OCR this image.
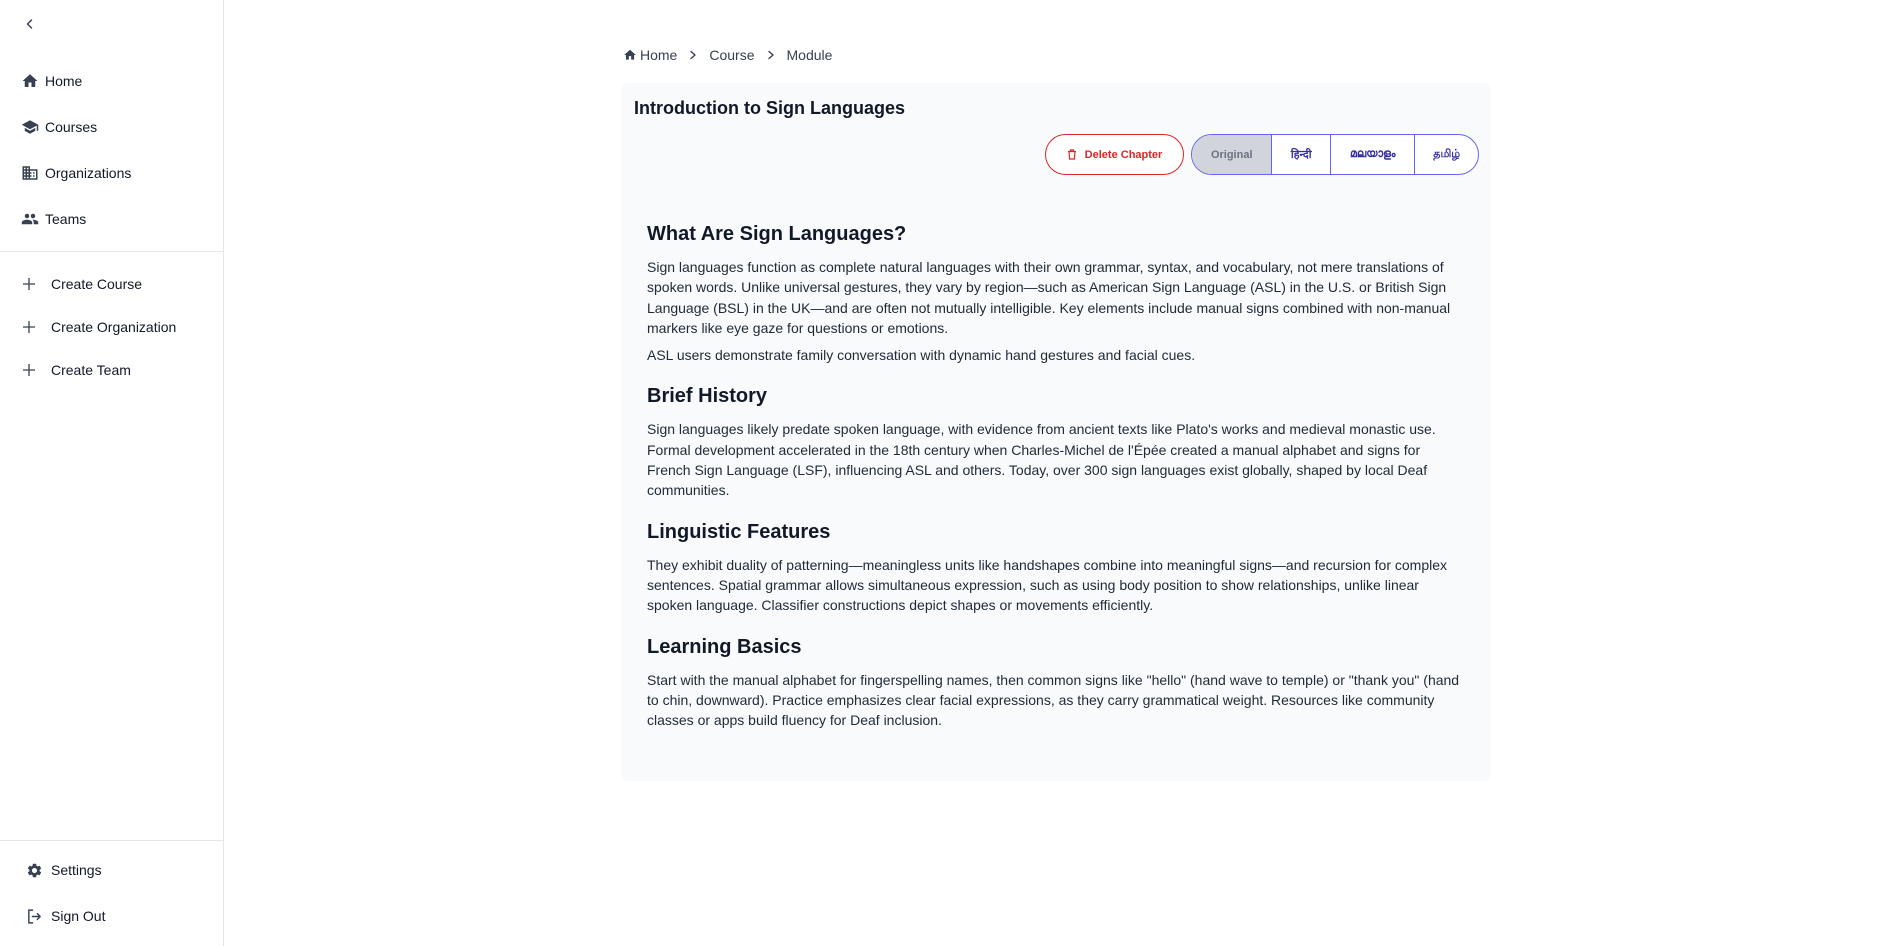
Home
Courses
Organizations
Teams
Create Course
Create Organization
Create Team
Settings
Sign Out
Home Course Module
Introduction to Sign Languages
Delete Chapter	Original	हिन्दी	മലയാളം	தமிழ்
What Are Sign Languages?

Sign languages function as complete natural languages with their own grammar, syntax, and vocabulary, not mere translations of spoken words. Unlike universal gestures, they vary by region—such as American Sign Language (ASL) in the U.S. or British Sign Language (BSL) in the UK—and are often not mutually intelligible. Key elements include manual signs combined with non-manual markers like eye gaze for questions or emotions.

ASL users demonstrate family conversation with dynamic hand gestures and facial cues.

Brief History

Sign languages likely predate spoken language, with evidence from ancient texts like Plato's works and medieval monastic use. Formal development accelerated in the 18th century when Charles-Michel de l'Épée created a manual alphabet and signs for French Sign Language (LSF), influencing ASL and others. Today, over 300 sign languages exist globally, shaped by local Deaf communities.

Linguistic Features

They exhibit duality of patterning—meaningless units like handshapes combine into meaningful signs—and recursion for complex sentences. Spatial grammar allows simultaneous expression, such as using body position to show relationships, unlike linear spoken language. Classifier constructions depict shapes or movements efficiently.

Learning Basics

Start with the manual alphabet for fingerspelling names, then common signs like "hello" (hand wave to temple) or "thank you" (hand to chin, downward). Practice emphasizes clear facial expressions, as they carry grammatical weight. Resources like community classes or apps build fluency for Deaf inclusion.
